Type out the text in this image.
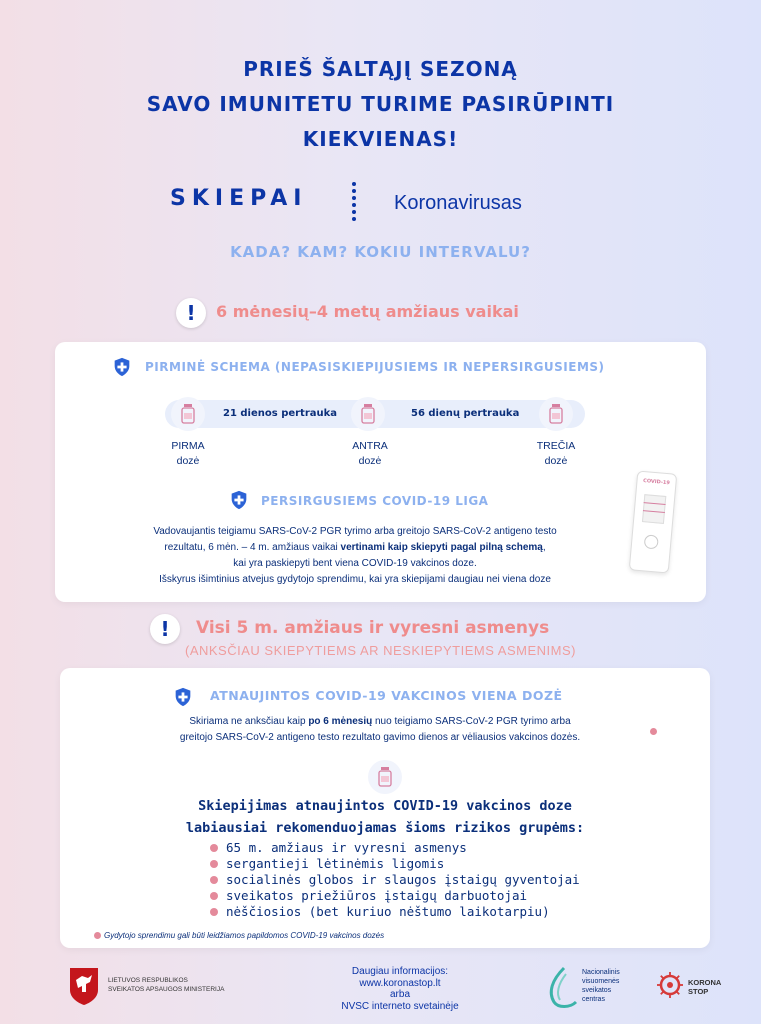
PRIEŠ ŠALTĄJĮ SEZONĄ
SAVO IMUNITETU TURIME PASIRŪPINTI
KIEKVIENAS!
SKIEPAI	Koronavirusas
KADA? KAM? KOKIU INTERVALU?
!	6 mėnesių–4 metų amžiaus vaikai
PIRMINĖ SCHEMA (NEPASISKIEPIJUSIEMS IR NEPERSIRGUSIEMS)
21 dienos pertrauka	56 dienų pertrauka
PIRMA
dozė
ANTRA
dozė
TREČIA
dozė
PERSIRGUSIEMS COVID-19 LIGA
Vadovaujantis teigiamu SARS-CoV-2 PGR tyrimo arba greitojo SARS-CoV-2 antigeno testo
rezultatu, 6 mėn. – 4 m. amžiaus vaikai vertinami kaip skiepyti pagal pilną schemą,
kai yra paskiepyti bent viena COVID-19 vakcinos doze.
Išskyrus išimtinius atvejus gydytojo sprendimu, kai yra skiepijami daugiau nei viena doze
COVID-19
!	Visi 5 m. amžiaus ir vyresni asmenys
(ANKSČIAU SKIEPYTIEMS AR NESKIEPYTIEMS ASMENIMS)
ATNAUJINTOS COVID-19 VAKCINOS VIENA DOZĖ
Skiriama ne anksčiau kaip po 6 mėnesių nuo teigiamo SARS-CoV-2 PGR tyrimo arba
greitojo SARS-CoV-2 antigeno testo rezultato gavimo dienos ar vėliausios vakcinos dozės.
Skiepijimas atnaujintos COVID-19 vakcinos doze
labiausiai rekomenduojamas šioms rizikos grupėms:
65 m. amžiaus ir vyresni asmenys
sergantieji lėtinėmis ligomis
socialinės globos ir slaugos įstaigų gyventojai
sveikatos priežiūros įstaigų darbuotojai
nėščiosios (bet kuriuo nėštumo laikotarpiu)
Gydytojo sprendimu gali būti leidžiamos papildomos COVID-19 vakcinos dozės
LIETUVOS RESPUBLIKOS
SVEIKATOS APSAUGOS MINISTERIJA
Daugiau informacijos:
www.koronastop.lt
arba
NVSC interneto svetainėje
Nacionalinis
visuomenės
sveikatos
centras
KORONA
STOP
